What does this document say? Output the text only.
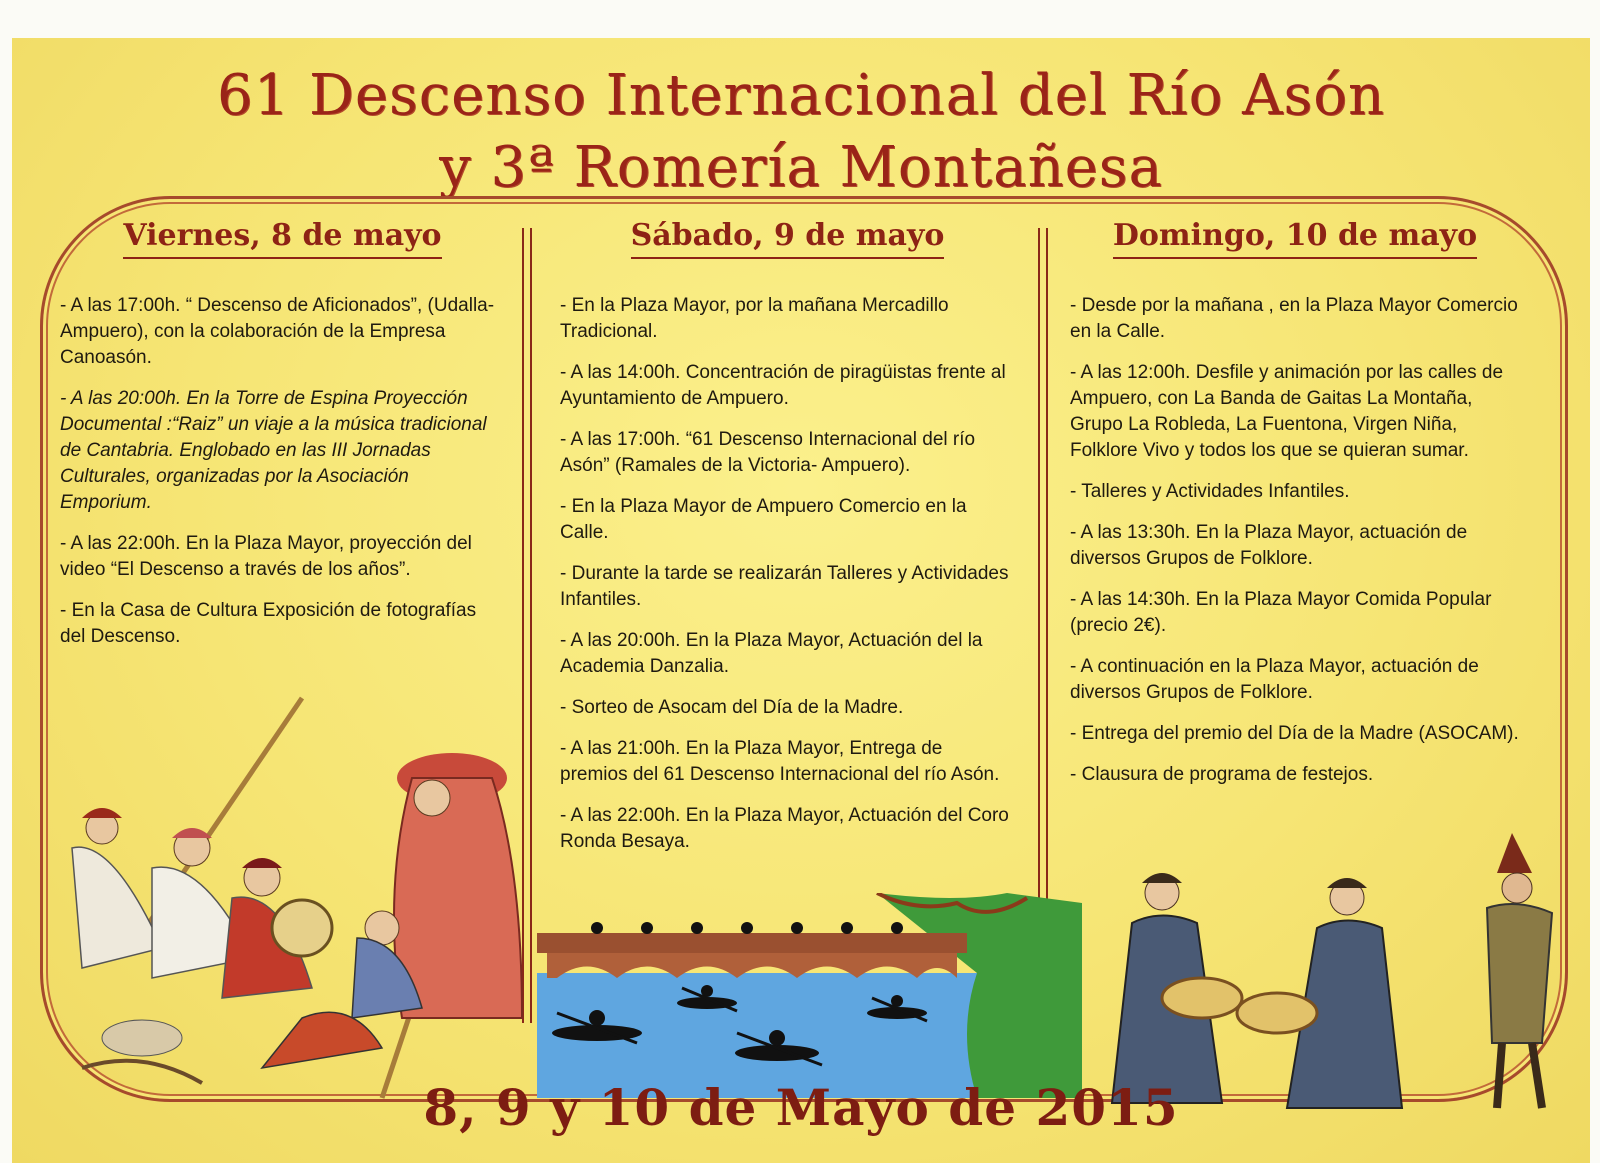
61 Descenso Internacional del Río Asón
y 3ª Romería Montañesa
Viernes, 8 de mayo
- A las 17:00h. “ Descenso de Aficionados”, (Udalla-Ampuero), con la colaboración de la Empresa Canoasón.
- A las 20:00h. En la Torre de Espina Proyección Documental :“Raiz” un viaje a la música tradicional de Cantabria. Englobado en las III Jornadas Culturales, organizadas por la Asociación Emporium.
- A las 22:00h. En la Plaza Mayor, proyección del video “El Descenso a través de los años”.
- En la Casa de Cultura Exposición de fotografías del Descenso.
Sábado, 9 de mayo
- En la Plaza Mayor, por la mañana Mercadillo Tradicional.
- A las 14:00h. Concentración de piragüistas frente al Ayuntamiento de Ampuero.
- A las 17:00h. “61 Descenso Internacional del río Asón” (Ramales de la Victoria- Ampuero).
- En la Plaza Mayor de Ampuero Comercio en la Calle.
- Durante la tarde se realizarán Talleres y Actividades Infantiles.
- A las 20:00h. En la Plaza Mayor, Actuación del la Academia Danzalia.
- Sorteo de Asocam del Día de la Madre.
- A las 21:00h. En la Plaza Mayor, Entrega de premios del 61 Descenso Internacional del río Asón.
- A las 22:00h. En la Plaza Mayor, Actuación del Coro Ronda Besaya.
Domingo, 10 de mayo
- Desde por la mañana , en la Plaza Mayor Comercio en la Calle.
- A las 12:00h. Desfile y animación por las calles de Ampuero, con La Banda de Gaitas La Montaña, Grupo La Robleda, La Fuentona, Virgen Niña, Folklore Vivo y todos los que se quieran sumar.
- Talleres y Actividades Infantiles.
- A las 13:30h. En la Plaza Mayor, actuación de diversos Grupos de Folklore.
- A las 14:30h. En la Plaza Mayor Comida Popular (precio 2€).
- A continuación en la Plaza Mayor, actuación de diversos Grupos de Folklore.
- Entrega del premio del Día de la Madre (ASOCAM).
- Clausura de programa de festejos.
8, 9 y 10 de Mayo de 2015
